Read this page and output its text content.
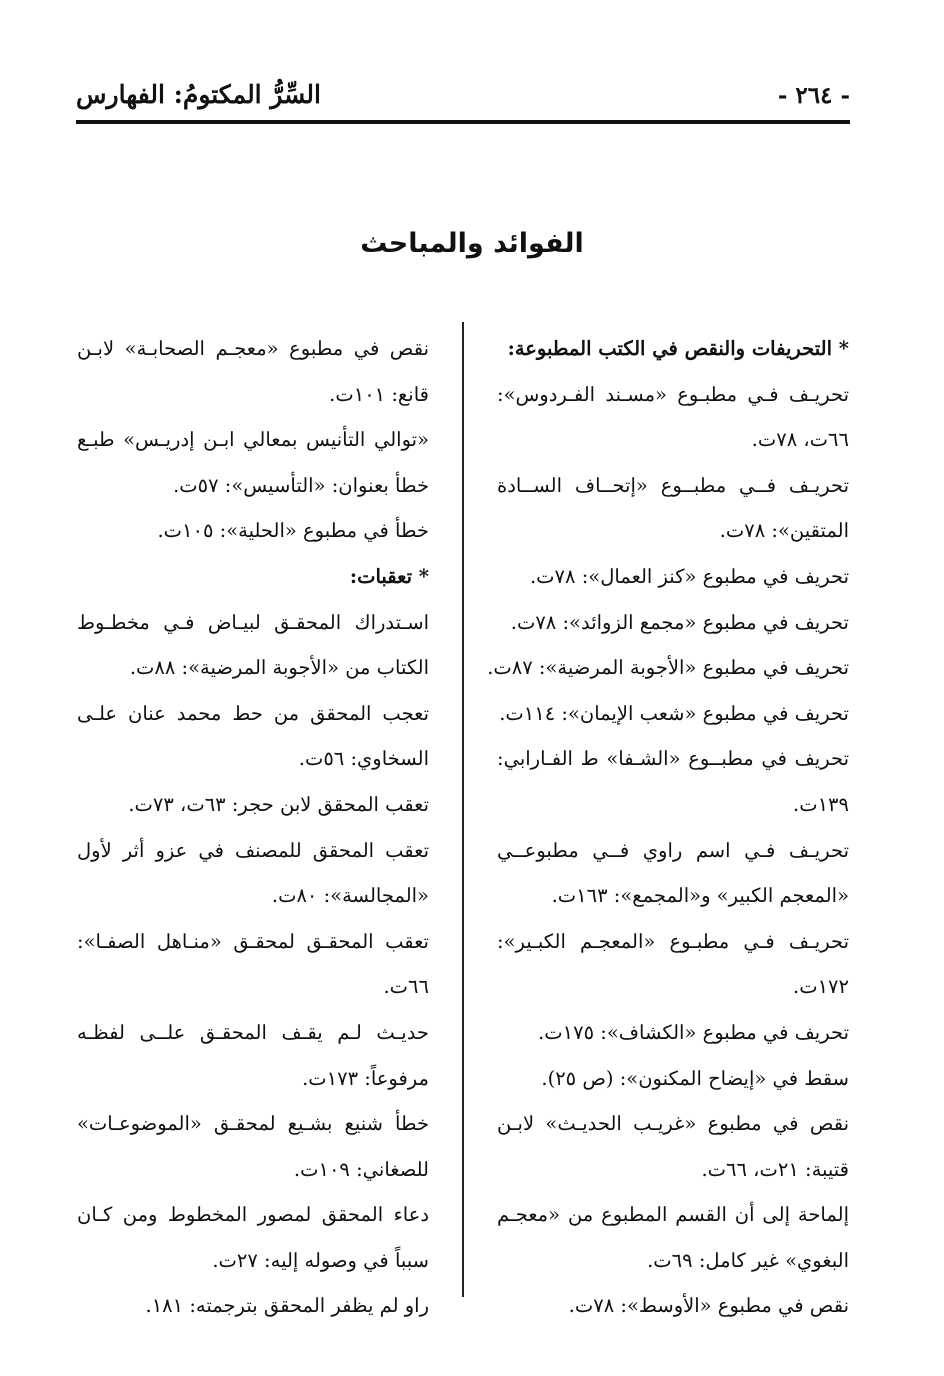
- ٢٦٤ -
السِّرُّ المكتومُ: الفهارس
الفوائد والمباحث
* التحريفات والنقص في الكتب المطبوعة:
تحريـف فـي مطبـوع «مسـند الفـردوس»:
٦٦ت، ٧٨ت.
تحريـف فــي مطبــوع «إتحــاف الســادة
المتقين»: ٧٨ت.
تحريف في مطبوع «كنز العمال»: ٧٨ت.
تحريف في مطبوع «مجمع الزوائد»: ٧٨ت.
تحريف في مطبوع «الأجوبة المرضية»: ٨٧ت.
تحريف في مطبوع «شعب الإيمان»: ١١٤ت.
تحريف في مطبــوع «الشـفا» ط الفـارابي:
١٣٩ت.
تحريـف فـي اسم راوي فــي مطبوعــي
«المعجم الكبير» و«المجمع»: ١٦٣ت.
تحريـف فـي مطبـوع «المعجـم الكبـير»:
١٧٢ت.
تحريف في مطبوع «الكشاف»: ١٧٥ت.
سقط في «إيضاح المكنون»: (ص ٢٥).
نقص في مطبوع «غريـب الحديـث» لابـن
قتيبة: ٢١ت، ٦٦ت.
إلماحة إلى أن القسم المطبوع من «معجـم
البغوي» غير كامل: ٦٩ت.
نقص في مطبوع «الأوسط»: ٧٨ت.
نقص في مطبوع «معجـم الصحابـة» لابـن
قانع: ١٠١ت.
«توالي التأنيس بمعالي ابـن إدريـس» طبـع
خطأ بعنوان: «التأسيس»: ٥٧ت.
خطأ في مطبوع «الحلية»: ١٠٥ت.
* تعقبات:
اسـتدراك المحقـق لبيـاض فـي مخطـوط
الكتاب من «الأجوبة المرضية»: ٨٨ت.
تعجب المحقق من حط محمد عنان علـى
السخاوي: ٥٦ت.
تعقب المحقق لابن حجر: ٦٣ت، ٧٣ت.
تعقب المحقق للمصنف في عزو أثر لأول
«المجالسة»: ٨٠ت.
تعقب المحقـق لمحقـق «منـاهل الصفـا»:
٦٦ت.
حديـث لـم يقـف المحقـق علــى لفظـه
مرفوعاً: ١٧٣ت.
خطأ شنيع بشـيع لمحقـق «الموضوعـات»
للصغاني: ١٠٩ت.
دعاء المحقق لمصور المخطوط ومن كـان
سبباً في وصوله إليه: ٢٧ت.
راو لم يظفر المحقق بترجمته: ١٨١.
